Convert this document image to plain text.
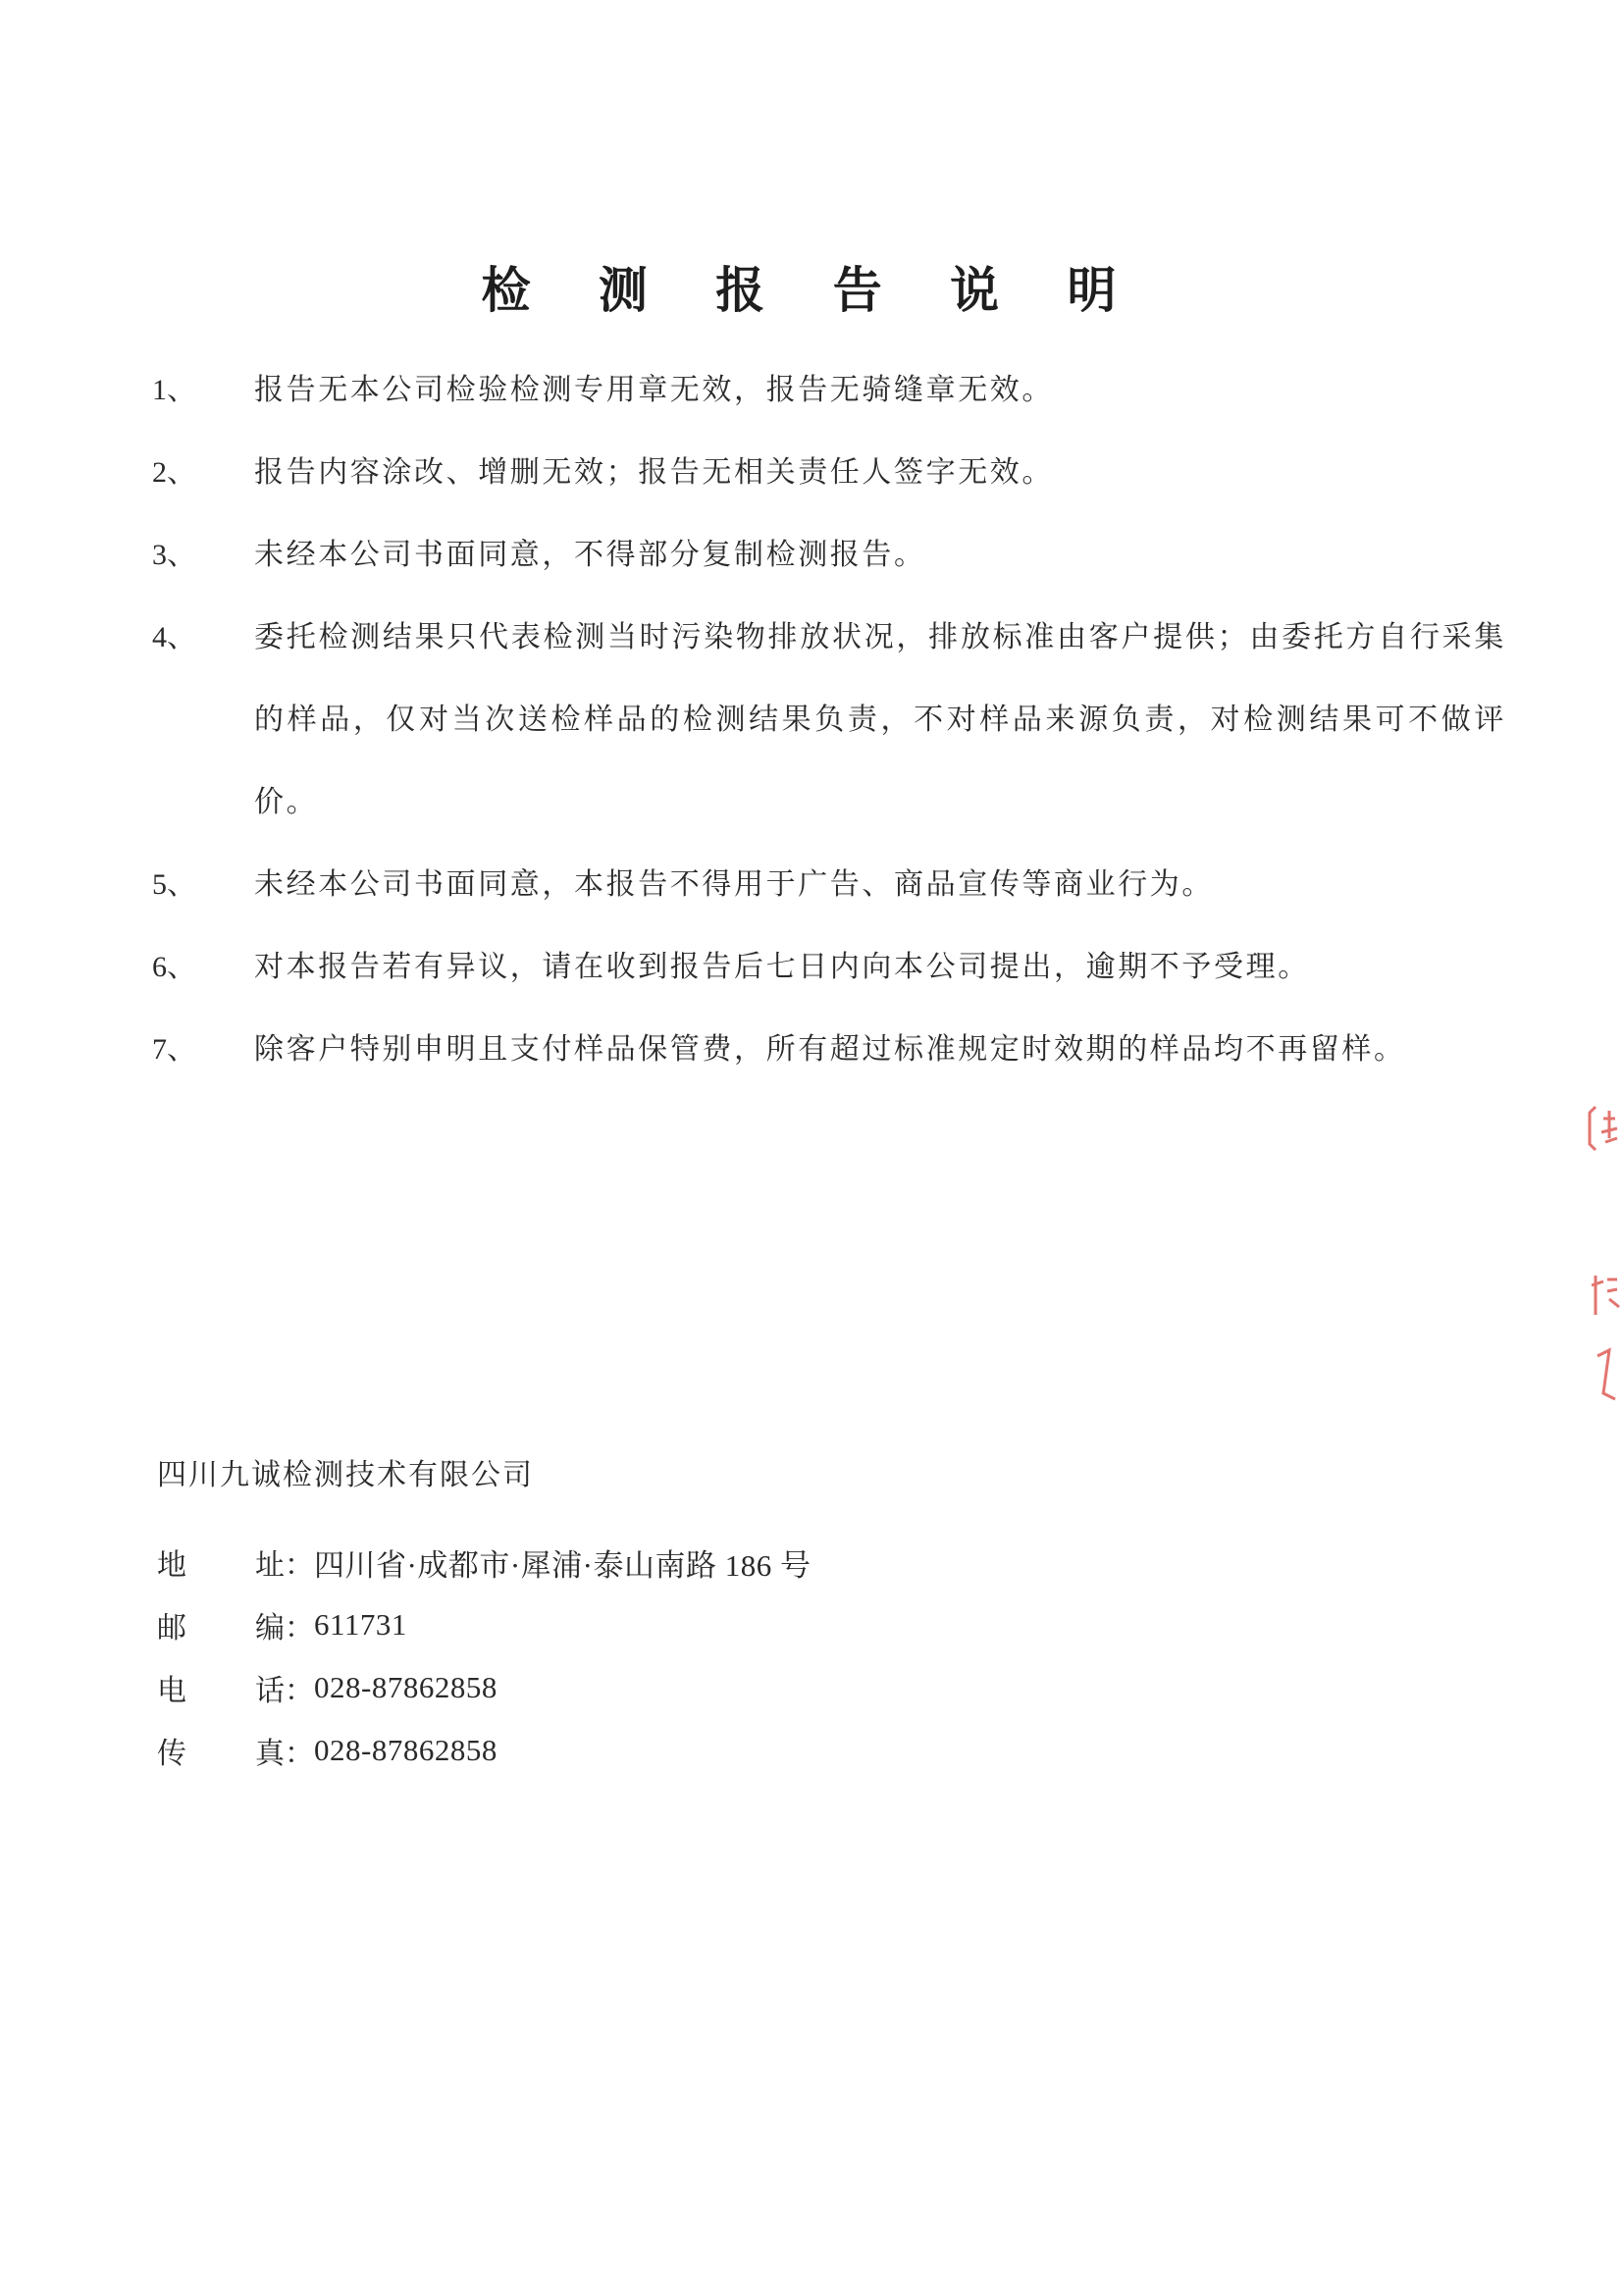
检 测 报 告 说 明
1、	报告无本公司检验检测专用章无效，报告无骑缝章无效。
2、	报告内容涂改、增删无效；报告无相关责任人签字无效。
3、	未经本公司书面同意，不得部分复制检测报告。
4、	委托检测结果只代表检测当时污染物排放状况，排放标准由客户提供；由委托方自行采集的样品，仅对当次送检样品的检测结果负责，不对样品来源负责，对检测结果可不做评价。
5、	未经本公司书面同意，本报告不得用于广告、商品宣传等商业行为。
6、	对本报告若有异议，请在收到报告后七日内向本公司提出，逾期不予受理。
7、	除客户特别申明且支付样品保管费，所有超过标准规定时效期的样品均不再留样。
四川九诚检测技术有限公司
地	址 ： 四川省·成都市·犀浦·泰山南路 186 号
邮	编 ： 611731
电	话 ： 028-87862858
传	真 ： 028-87862858
